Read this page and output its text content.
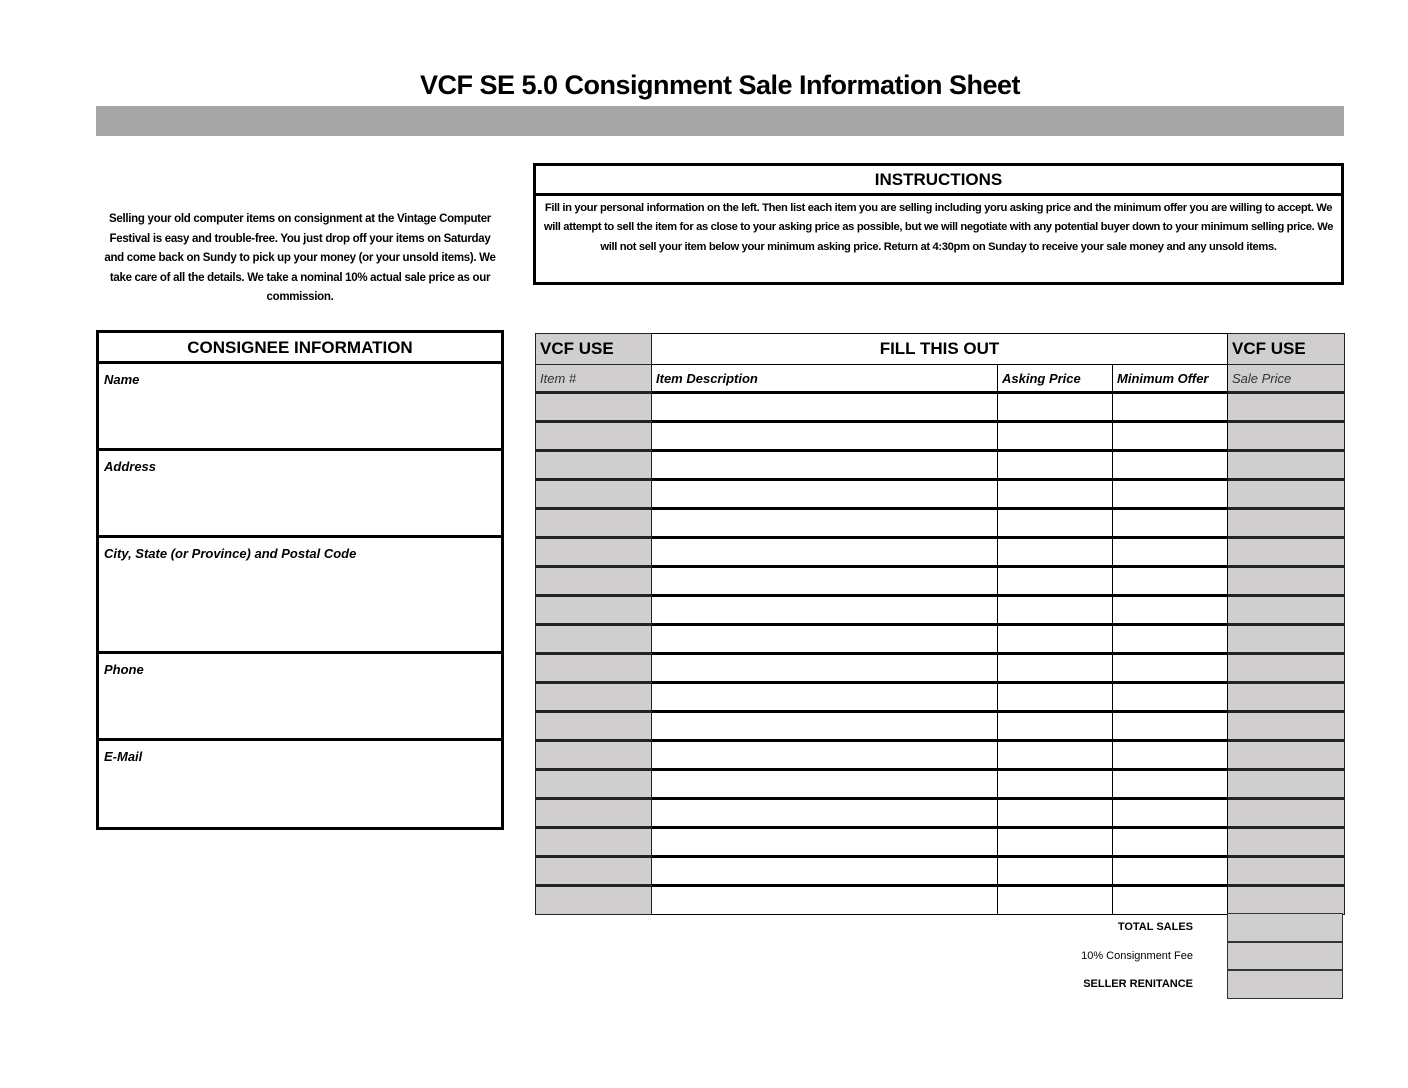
VCF SE 5.0 Consignment Sale Information Sheet
Selling your old computer items on consignment at the Vintage Computer Festival is easy and trouble-free. You just drop off your items on Saturday and come back on Sundy to pick up your money (or your unsold items). We take care of all the details. We take a nominal 10% actual sale price as our commission.
INSTRUCTIONS
Fill in your personal information on the left. Then list each item you are selling including yoru asking price and the minimum offer you are willing to accept. We will attempt to sell the item for as close to your asking price as possible, but we will negotiate with any potential buyer down to your minimum selling price. We will not sell your item below your minimum asking price. Return at 4:30pm on Sunday to receive your sale money and any unsold items.
CONSIGNEE INFORMATION
Name
Address
City, State (or Province) and Postal Code
Phone
E-Mail
VCF USE	FILL THIS OUT			VCF USE
Item #	Item Description	Asking Price	Minimum Offer	Sale Price

TOTAL SALES
10% Consignment Fee
SELLER RENITANCE
